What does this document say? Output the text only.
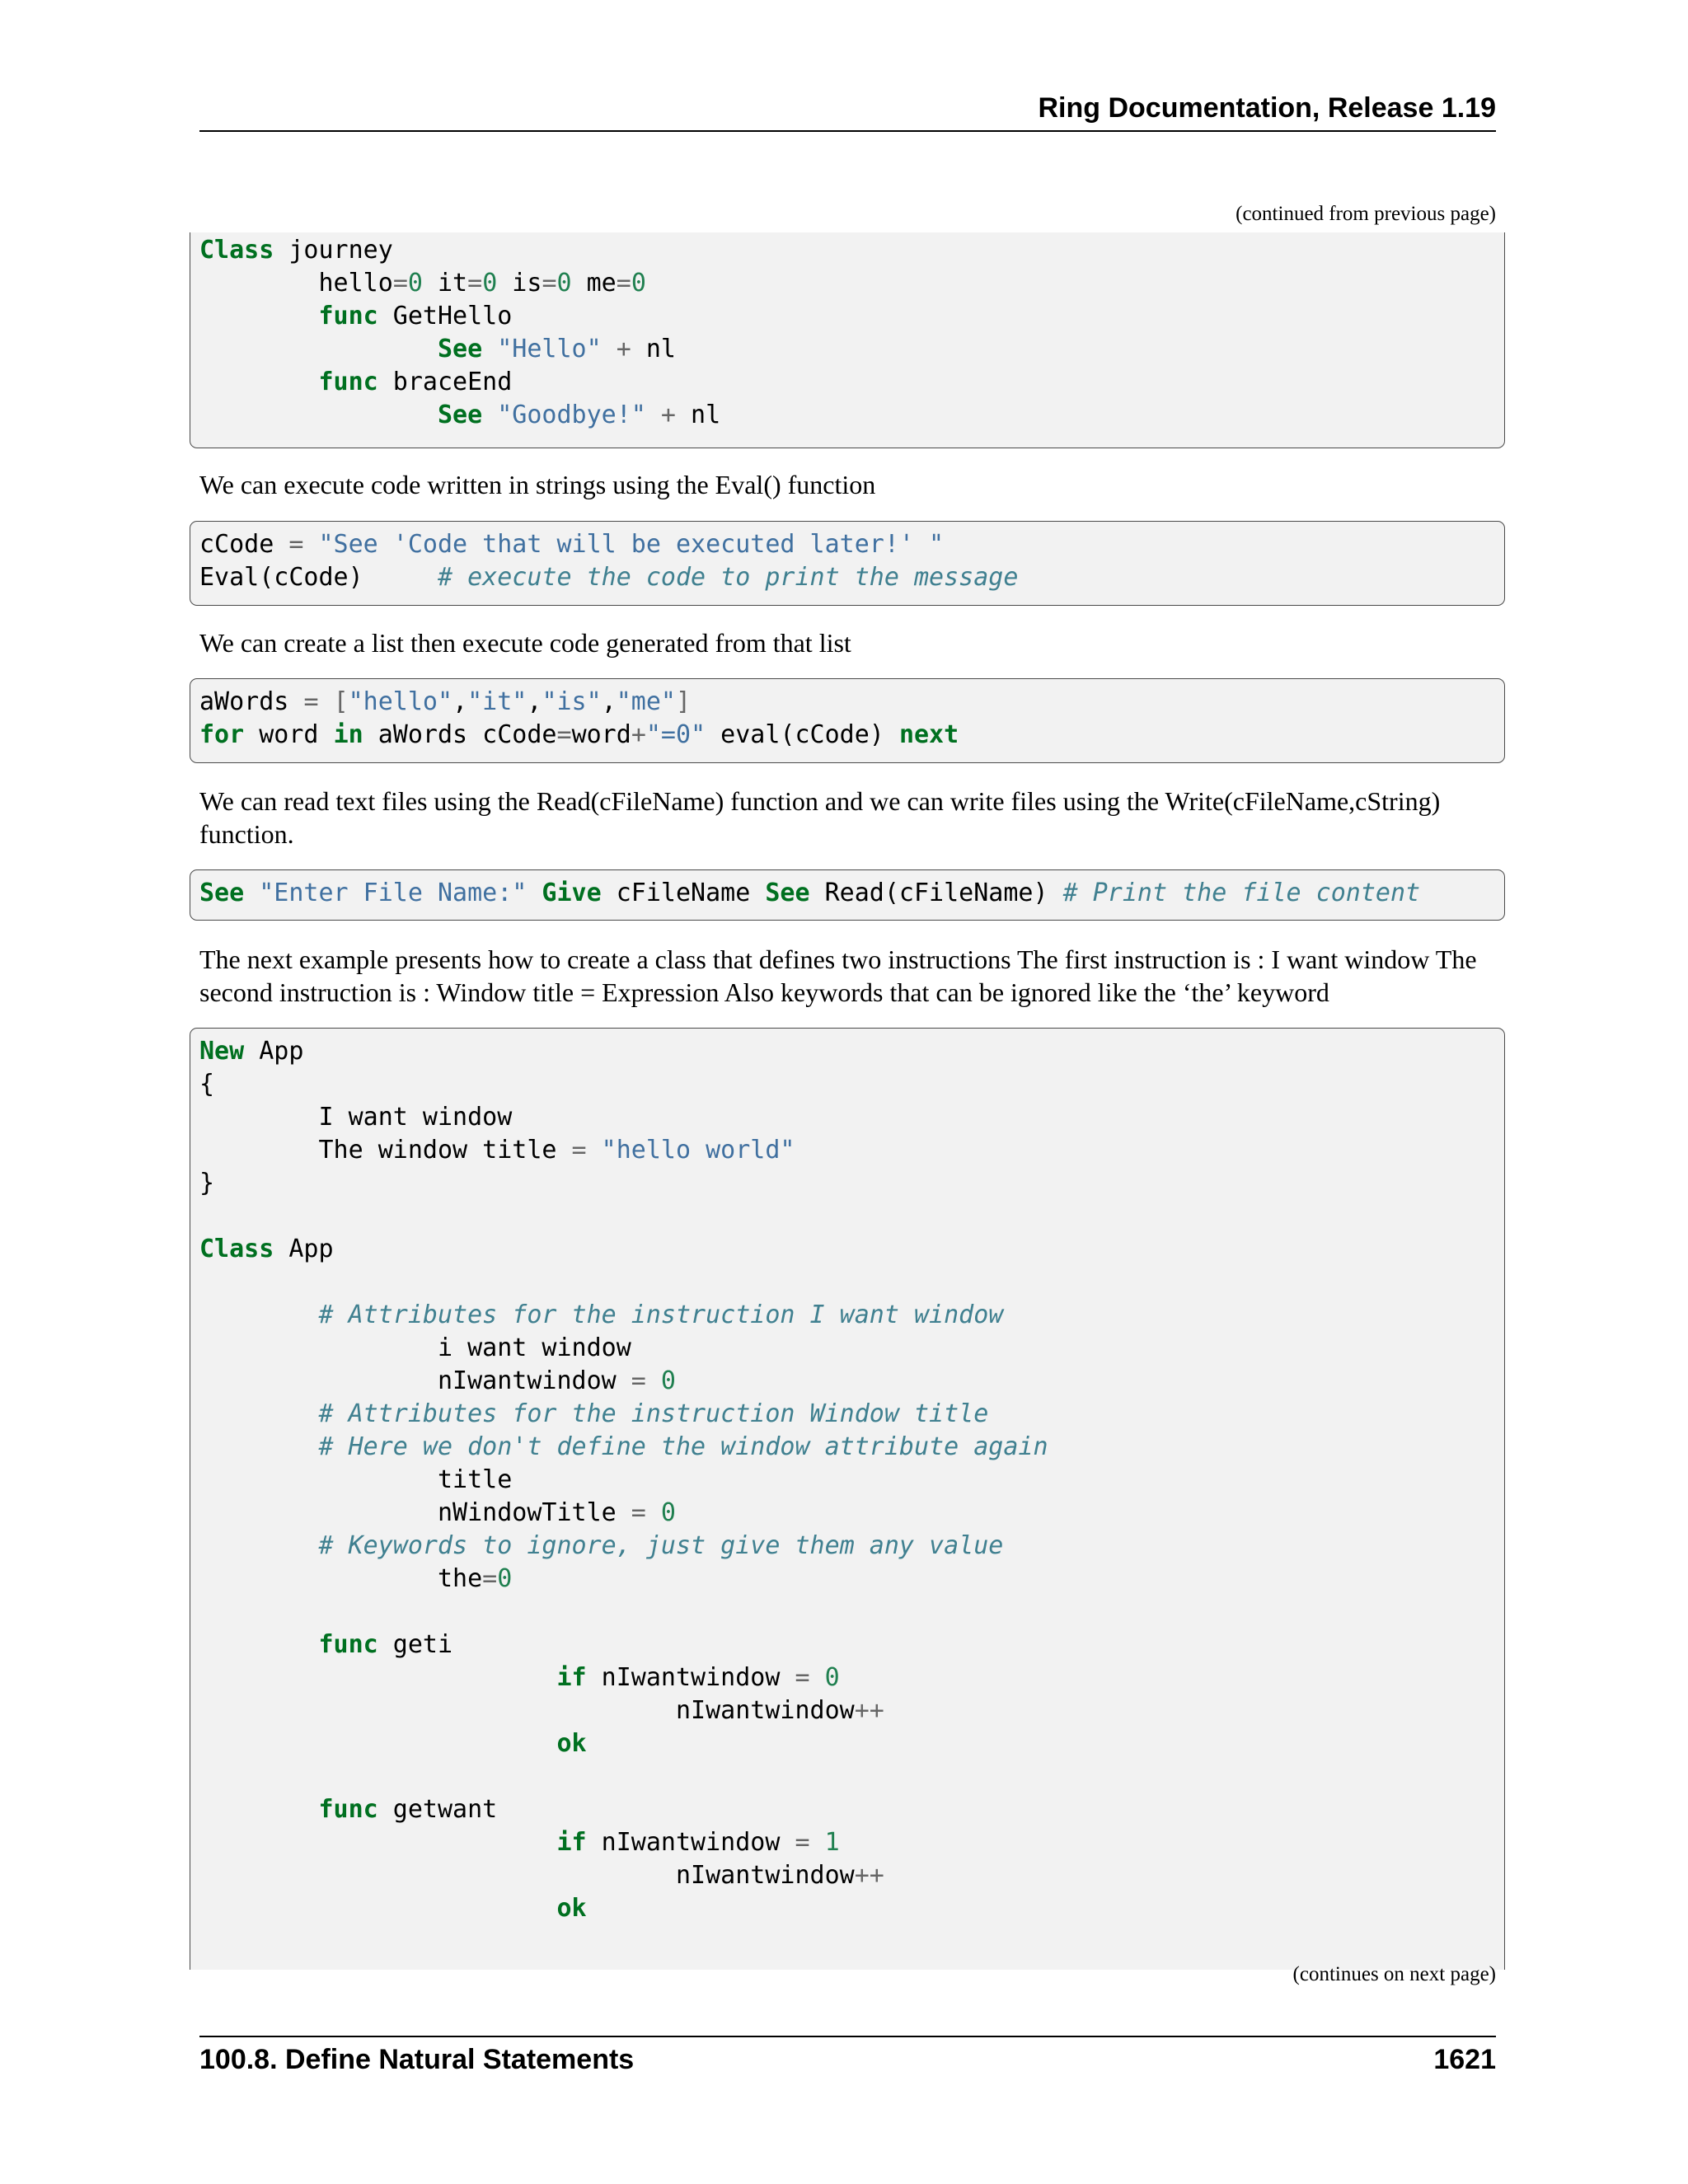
Ring Documentation, Release 1.19
(continued from previous page)
Class journey
hello=0 it=0 is=0 me=0
func GetHello
See "Hello" + nl
func braceEnd
See "Goodbye!" + nl

We can execute code written in strings using the Eval() function

cCode = "See 'Code that will be executed later!' "
Eval(cCode)     # execute the code to print the message

We can create a list then execute code generated from that list

aWords = ["hello","it","is","me"]
for word in aWords cCode=word+"=0" eval(cCode) next

We can read text files using the Read(cFileName) function and we can write files using the Write(cFileName,cString) function.

See "Enter File Name:" Give cFileName See Read(cFileName) # Print the file content

The next example presents how to create a class that defines two instructions The first instruction is : I want window The second instruction is : Window title = Expression Also keywords that can be ignored like the ‘the’ keyword

New App
{
I want window
The window title = "hello world"
}
Class App
# Attributes for the instruction I want window
i want window
nIwantwindow = 0
# Attributes for the instruction Window title
# Here we don't define the window attribute again
title
nWindowTitle = 0
# Keywords to ignore, just give them any value
the=0
func geti
if nIwantwindow = 0
nIwantwindow++
ok
func getwant
if nIwantwindow = 1
nIwantwindow++
ok
(continues on next page)
100.8. Define Natural Statements	1621
